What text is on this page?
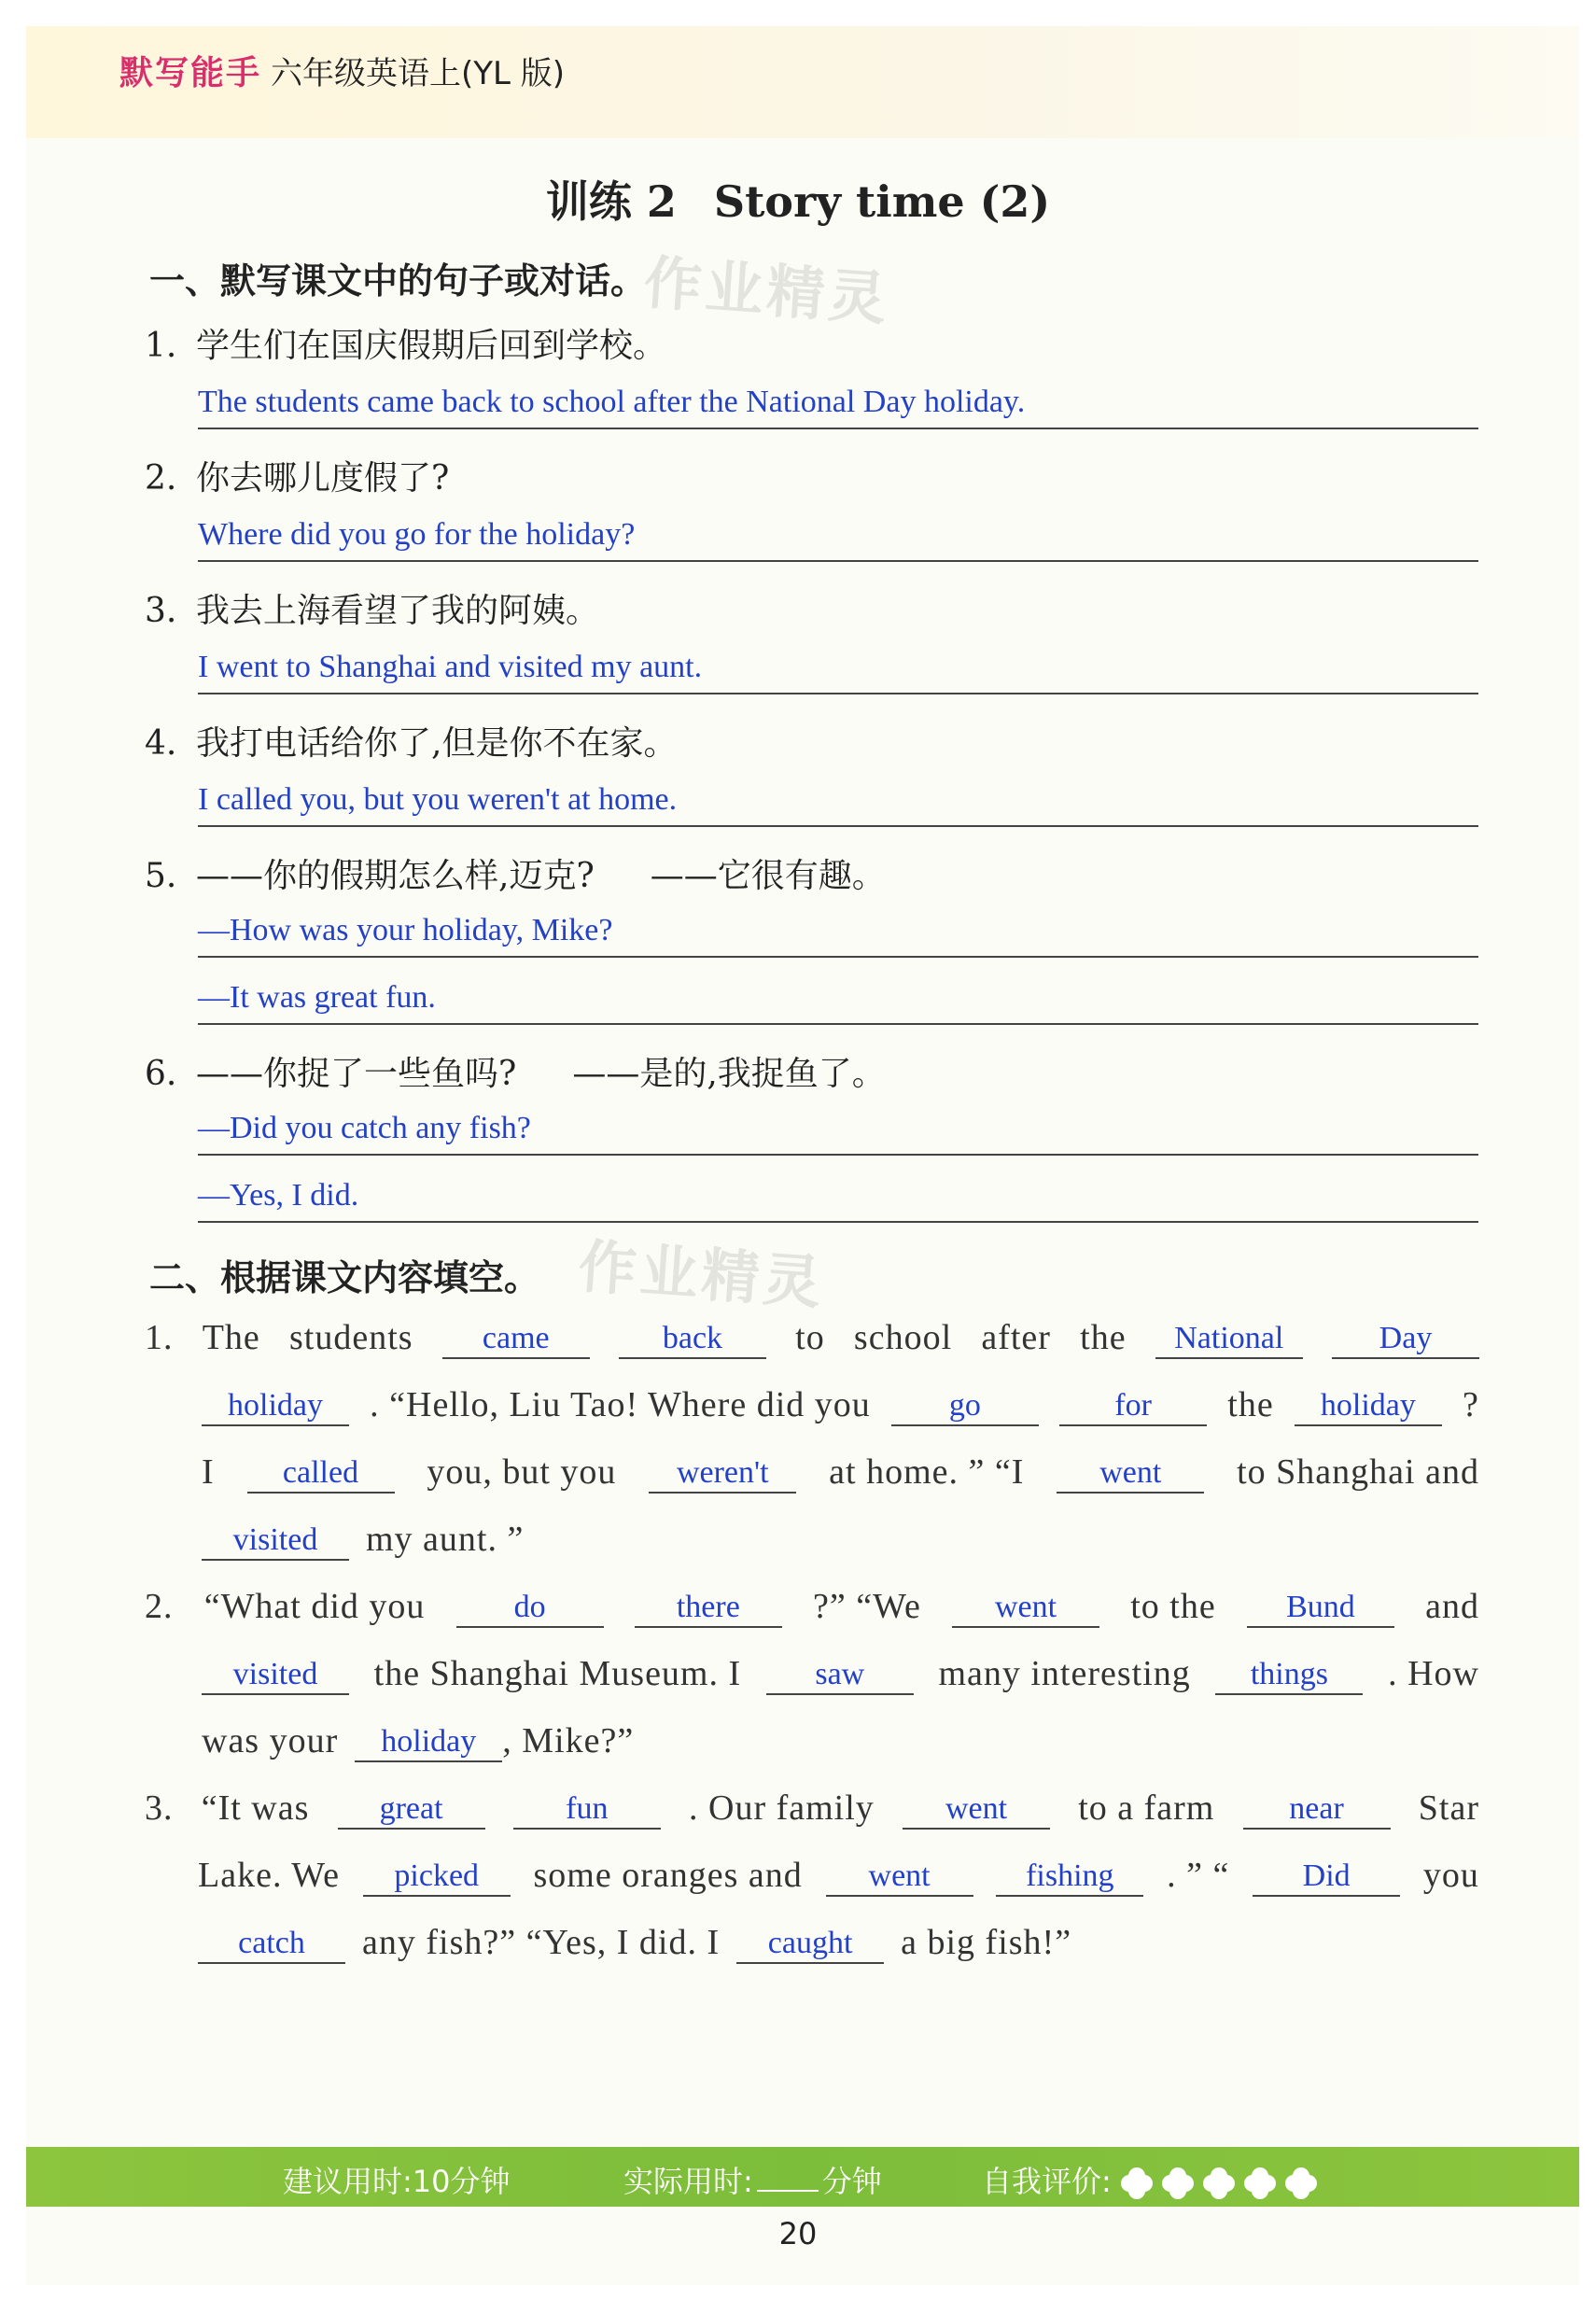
默写能手 六年级英语上(YL 版)
训练 2 Story time (2)
一、默写课文中的句子或对话。
作业精灵
1. 学生们在国庆假期后回到学校。
The students came back to school after the National Day holiday.
2. 你去哪儿度假了?
Where did you go for the holiday?
3. 我去上海看望了我的阿姨。
I went to Shanghai and visited my aunt.
4. 我打电话给你了,但是你不在家。
I called you, but you weren't at home.
5. ——你的假期怎么样,迈克? ——它很有趣。
—How was your holiday, Mike?
—It was great fun.
6. ——你捉了一些鱼吗? ——是的,我捉鱼了。
—Did you catch any fish?
—Yes, I did.
二、根据课文内容填空。 作业精灵
1. The students	came	back	to school after the	National	Day
holiday	. “Hello, Liu Tao! Where did you	go	for	the	holiday	?
I	called	you, but you	weren't	at home. ” “I	went	to Shanghai and
visited	my aunt. ”
2. “What did you	do	there	?” “We	went	to the	Bund	and
visited	the Shanghai Museum. I	saw	many interesting	things	. How
was your	holiday , Mike?”
3. “It was	great	fun	. Our family	went	to a farm	near	Star
Lake. We	picked	some oranges and	went	fishing	. ” “	Did	you
catch	any fish?” “Yes, I did. I	caught	a big fish!”
建议用时:10分钟	实际用时: 分钟	自我评价:
20
